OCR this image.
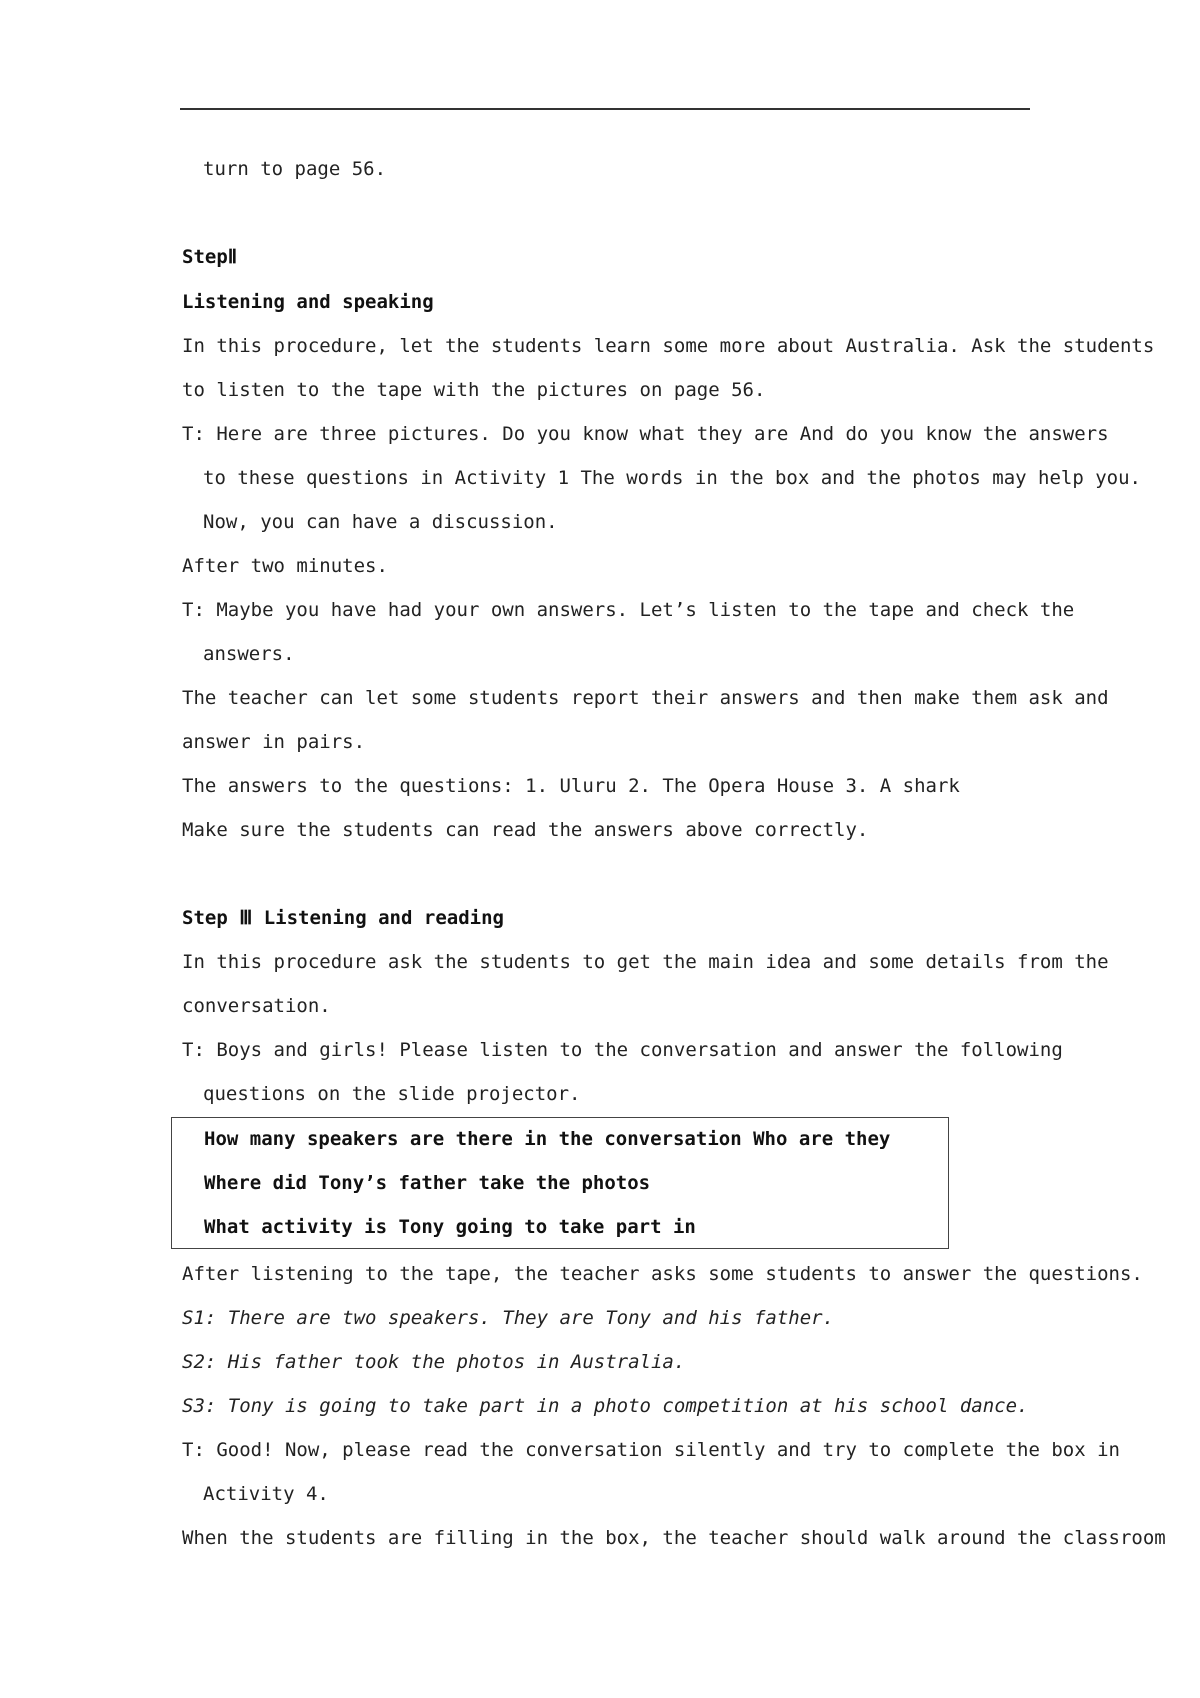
turn to page 56.
StepⅡ
Listening and speaking
In this procedure, let the students learn some more about Australia. Ask the students
to listen to the tape with the pictures on page 56.
T: Here are three pictures. Do you know what they are And do you know the answers
to these questions in Activity 1 The words in the box and the photos may help you.
Now, you can have a discussion.
After two minutes.
T: Maybe you have had your own answers. Let’s listen to the tape and check the
answers.
The teacher can let some students report their answers and then make them ask and
answer in pairs.
The answers to the questions: 1. Uluru 2. The Opera House 3. A shark
Make sure the students can read the answers above correctly.
Step Ⅲ Listening and reading
In this procedure ask the students to get the main idea and some details from the
conversation.
T: Boys and girls! Please listen to the conversation and answer the following
questions on the slide projector.
How many speakers are there in the conversation Who are they
Where did Tony’s father take the photos
What activity is Tony going to take part in
After listening to the tape, the teacher asks some students to answer the questions.
S1: There are two speakers. They are Tony and his father.
S2: His father took the photos in Australia.
S3: Tony is going to take part in a photo competition at his school dance.
T: Good! Now, please read the conversation silently and try to complete the box in
Activity 4.
When the students are filling in the box, the teacher should walk around the classroom
